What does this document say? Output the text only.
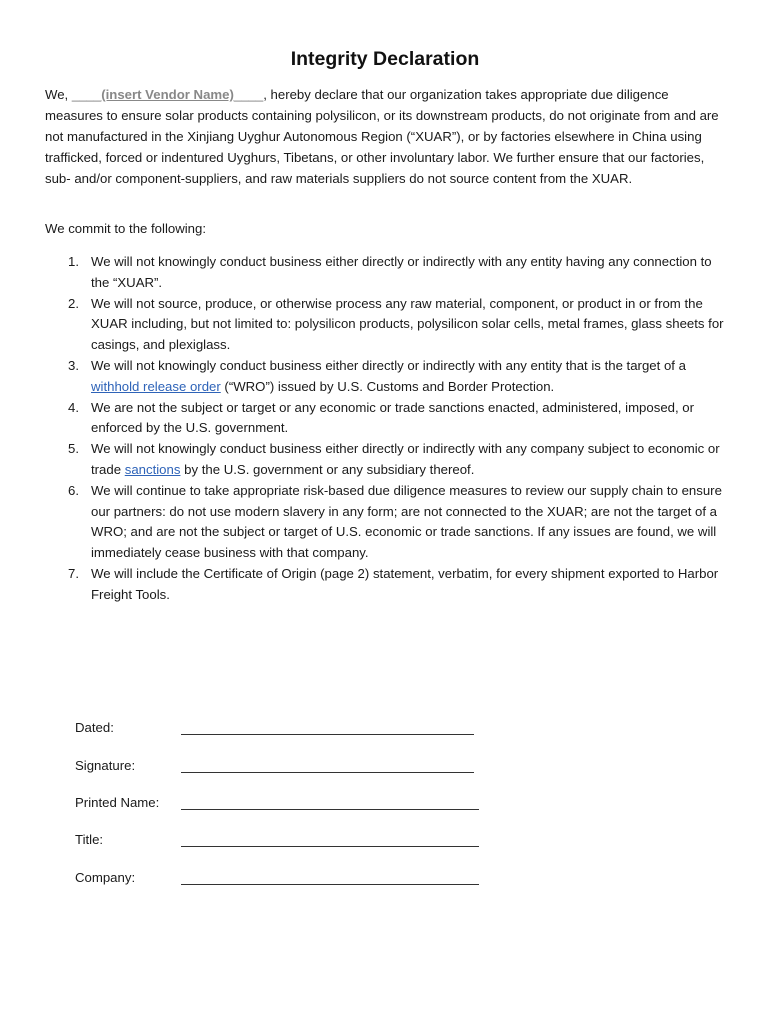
Integrity Declaration

We, ____(insert Vendor Name)____, hereby declare that our organization takes appropriate due diligence measures to ensure solar products containing polysilicon, or its downstream products, do not originate from and are not manufactured in the Xinjiang Uyghur Autonomous Region (“XUAR”), or by factories elsewhere in China using trafficked, forced or indentured Uyghurs, Tibetans, or other involuntary labor. We further ensure that our factories, sub- and/or component-suppliers, and raw materials suppliers do not source content from the XUAR.

We commit to the following:

1. We will not knowingly conduct business either directly or indirectly with any entity having any connection to the “XUAR”.
2. We will not source, produce, or otherwise process any raw material, component, or product in or from the XUAR including, but not limited to: polysilicon products, polysilicon solar cells, metal frames, glass sheets for casings, and plexiglass.
3. We will not knowingly conduct business either directly or indirectly with any entity that is the target of a withhold release order (“WRO”) issued by U.S. Customs and Border Protection.
4. We are not the subject or target or any economic or trade sanctions enacted, administered, imposed, or enforced by the U.S. government.
5. We will not knowingly conduct business either directly or indirectly with any company subject to economic or trade sanctions by the U.S. government or any subsidiary thereof.
6. We will continue to take appropriate risk-based due diligence measures to review our supply chain to ensure our partners: do not use modern slavery in any form; are not connected to the XUAR; are not the target of a WRO; and are not the subject or target of U.S. economic or trade sanctions. If any issues are found, we will immediately cease business with that company.
7. We will include the Certificate of Origin (page 2) statement, verbatim, for every shipment exported to Harbor Freight Tools.
Dated:
Signature:
Printed Name:
Title:
Company:
